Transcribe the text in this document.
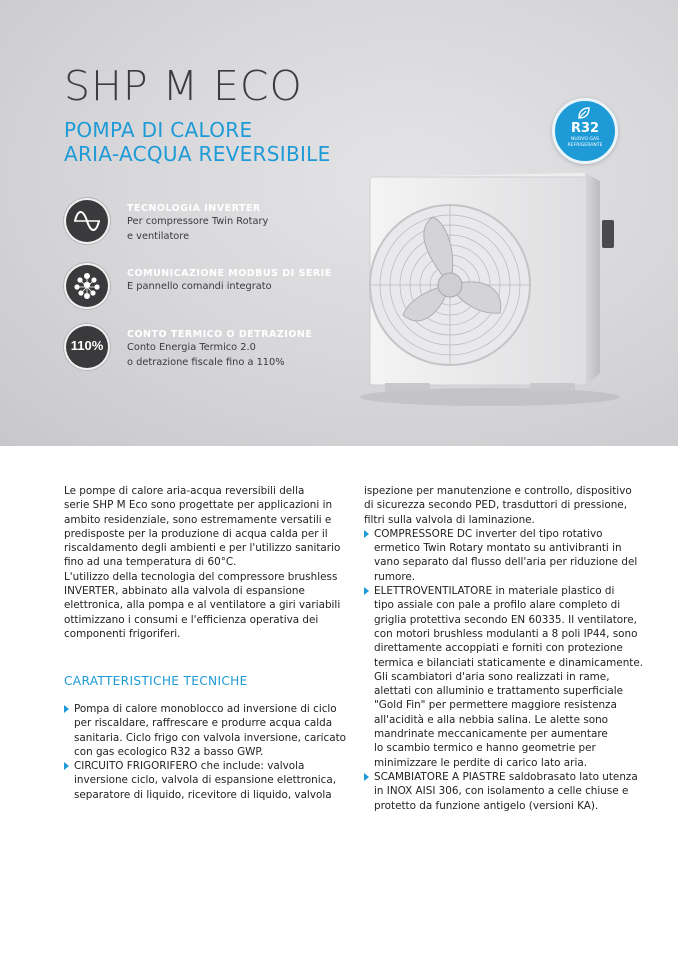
SHP M ECO
POMPA DI CALORE
ARIA-ACQUA REVERSIBILE
R32
NUOVO GAS
REFRIGERANTE
TECNOLOGIA INVERTER
Per compressore Twin Rotary
e ventilatore
COMUNICAZIONE MODBUS DI SERIE
E pannello comandi integrato
110%
CONTO TERMICO O DETRAZIONE
Conto Energia Termico 2.0
o detrazione fiscale fino a 110%
Le pompe di calore aria-acqua reversibili della
serie SHP M Eco sono progettate per applicazioni in
ambito residenziale, sono estremamente versatili e
predisposte per la produzione di acqua calda per il
riscaldamento degli ambienti e per l'utilizzo sanitario
fino ad una temperatura di 60°C.
L'utilizzo della tecnologia del compressore brushless
INVERTER, abbinato alla valvola di espansione
elettronica, alla pompa e al ventilatore a giri variabili
ottimizzano i consumi e l'efficienza operativa dei
componenti frigoriferi.
CARATTERISTICHE TECNICHE
Pompa di calore monoblocco ad inversione di ciclo
per riscaldare, raffrescare e produrre acqua calda
sanitaria. Ciclo frigo con valvola inversione, caricato
con gas ecologico R32 a basso GWP.
CIRCUITO FRIGORIFERO che include: valvola
inversione ciclo, valvola di espansione elettronica,
separatore di liquido, ricevitore di liquido, valvola
ispezione per manutenzione e controllo, dispositivo
di sicurezza secondo PED, trasduttori di pressione,
filtri sulla valvola di laminazione.
COMPRESSORE DC inverter del tipo rotativo
ermetico Twin Rotary montato su antivibranti in
vano separato dal flusso dell'aria per riduzione del
rumore.
ELETTROVENTILATORE in materiale plastico di
tipo assiale con pale a profilo alare completo di
griglia protettiva secondo EN 60335. Il ventilatore,
con motori brushless modulanti a 8 poli IP44, sono
direttamente accoppiati e forniti con protezione
termica e bilanciati staticamente e dinamicamente.
Gli scambiatori d'aria sono realizzati in rame,
alettati con alluminio e trattamento superficiale
"Gold Fin" per permettere maggiore resistenza
all'acidità e alla nebbia salina. Le alette sono
mandrinate meccanicamente per aumentare
lo scambio termico e hanno geometrie per
minimizzare le perdite di carico lato aria.
SCAMBIATORE A PIASTRE saldobrasato lato utenza
in INOX AISI 306, con isolamento a celle chiuse e
protetto da funzione antigelo (versioni KA).
